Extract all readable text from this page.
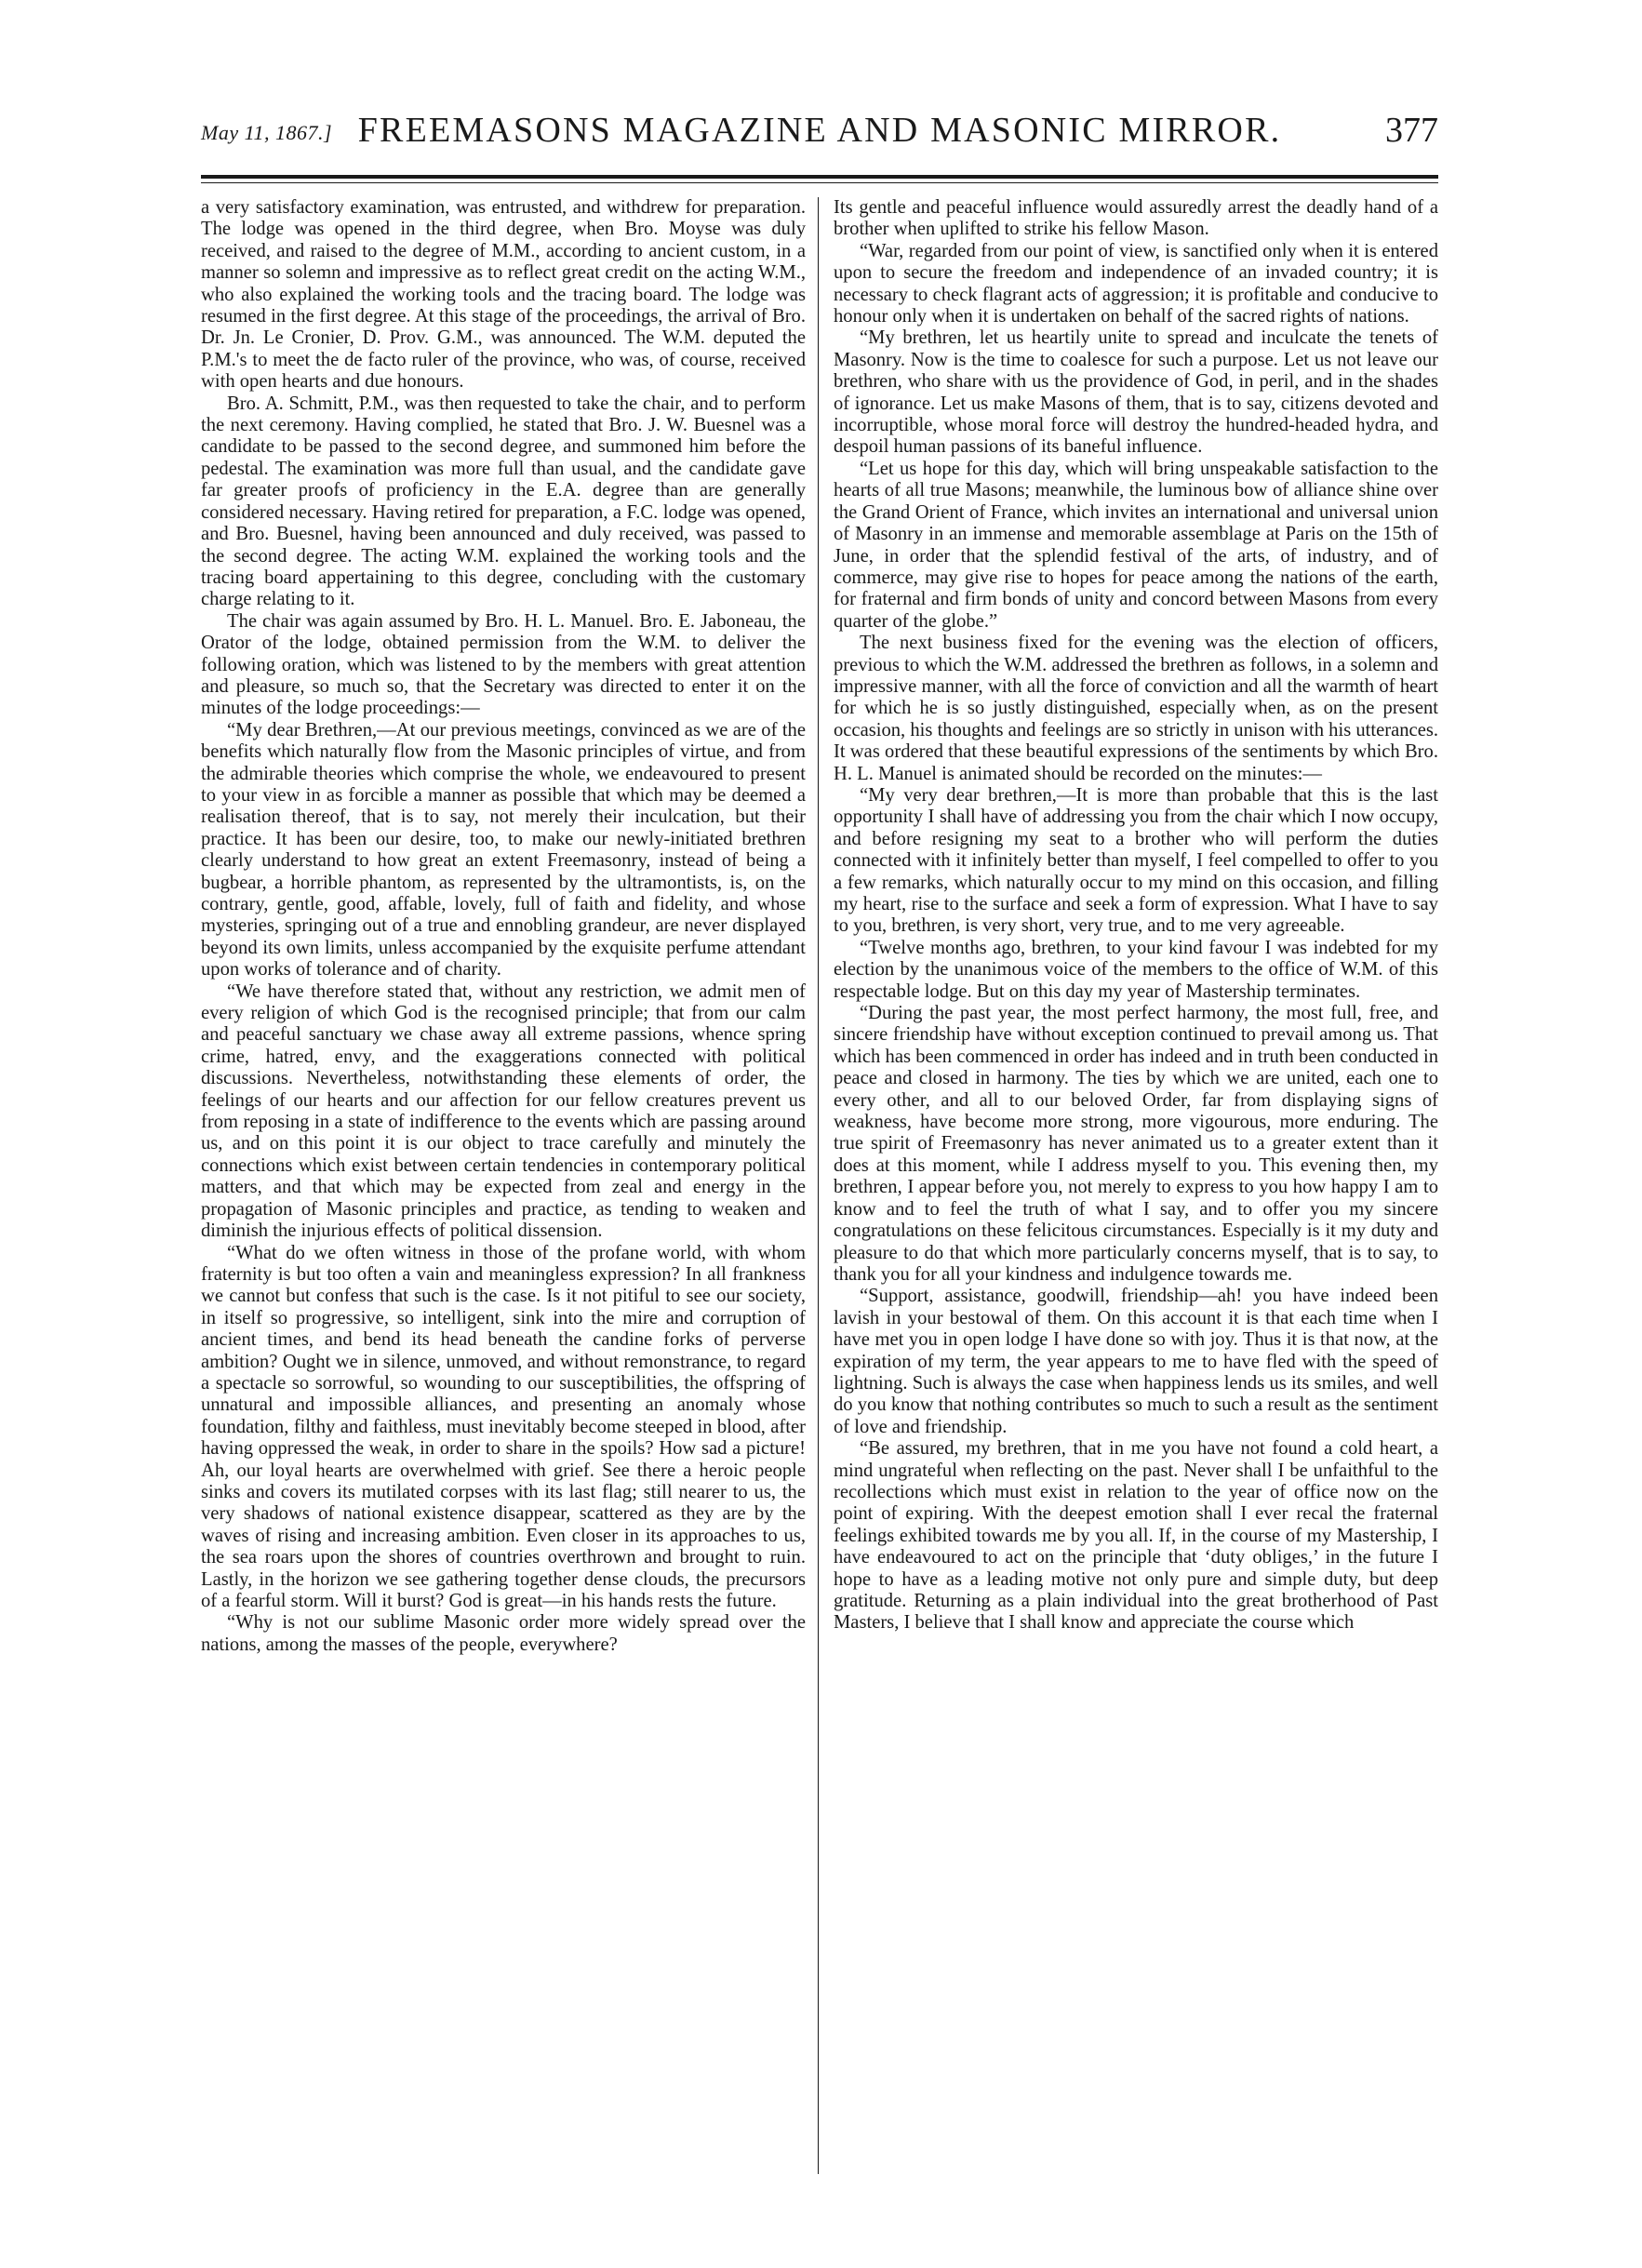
May 11, 1867.] FREEMASONS MAGAZINE AND MASONIC MIRROR.	377

a very satisfactory examination, was entrusted, and withdrew for preparation. The lodge was opened in the third degree, when Bro. Moyse was duly received, and raised to the degree of M.M., according to ancient custom, in a manner so solemn and impressive as to reflect great credit on the acting W.M., who also explained the working tools and the tracing board. The lodge was resumed in the first degree. At this stage of the proceedings, the arrival of Bro. Dr. Jn. Le Cronier, D. Prov. G.M., was announced. The W.M. deputed the P.M.'s to meet the de facto ruler of the province, who was, of course, received with open hearts and due honours.

Bro. A. Schmitt, P.M., was then requested to take the chair, and to perform the next ceremony. Having complied, he stated that Bro. J. W. Buesnel was a candidate to be passed to the second degree, and summoned him before the pedestal. The examination was more full than usual, and the candidate gave far greater proofs of proficiency in the E.A. degree than are generally considered necessary. Having retired for preparation, a F.C. lodge was opened, and Bro. Buesnel, having been announced and duly received, was passed to the second degree. The acting W.M. explained the working tools and the tracing board appertaining to this degree, concluding with the customary charge relating to it.

The chair was again assumed by Bro. H. L. Manuel. Bro. E. Jaboneau, the Orator of the lodge, obtained permission from the W.M. to deliver the following oration, which was listened to by the members with great attention and pleasure, so much so, that the Secretary was directed to enter it on the minutes of the lodge proceedings:—

“My dear Brethren,—At our previous meetings, convinced as we are of the benefits which naturally flow from the Masonic principles of virtue, and from the admirable theories which comprise the whole, we endeavoured to present to your view in as forcible a manner as possible that which may be deemed a realisation thereof, that is to say, not merely their inculcation, but their practice. It has been our desire, too, to make our newly-initiated brethren clearly understand to how great an extent Freemasonry, instead of being a bugbear, a horrible phantom, as represented by the ultramontists, is, on the contrary, gentle, good, affable, lovely, full of faith and fidelity, and whose mysteries, springing out of a true and ennobling grandeur, are never displayed beyond its own limits, unless accompanied by the exquisite perfume attendant upon works of tolerance and of charity.

“We have therefore stated that, without any restriction, we admit men of every religion of which God is the recognised principle; that from our calm and peaceful sanctuary we chase away all extreme passions, whence spring crime, hatred, envy, and the exaggerations connected with political discussions. Nevertheless, notwithstanding these elements of order, the feelings of our hearts and our affection for our fellow creatures prevent us from reposing in a state of indifference to the events which are passing around us, and on this point it is our object to trace carefully and minutely the connections which exist between certain tendencies in contemporary political matters, and that which may be expected from zeal and energy in the propagation of Masonic principles and practice, as tending to weaken and diminish the injurious effects of political dissension.

“What do we often witness in those of the profane world, with whom fraternity is but too often a vain and meaningless expression? In all frankness we cannot but confess that such is the case. Is it not pitiful to see our society, in itself so progressive, so intelligent, sink into the mire and corruption of ancient times, and bend its head beneath the candine forks of perverse ambition? Ought we in silence, unmoved, and without remonstrance, to regard a spectacle so sorrowful, so wounding to our susceptibilities, the offspring of unnatural and impossible alliances, and presenting an anomaly whose foundation, filthy and faithless, must inevitably become steeped in blood, after having oppressed the weak, in order to share in the spoils? How sad a picture! Ah, our loyal hearts are overwhelmed with grief. See there a heroic people sinks and covers its mutilated corpses with its last flag; still nearer to us, the very shadows of national existence disappear, scattered as they are by the waves of rising and increasing ambition. Even closer in its approaches to us, the sea roars upon the shores of countries overthrown and brought to ruin. Lastly, in the horizon we see gathering together dense clouds, the precursors of a fearful storm. Will it burst? God is great—in his hands rests the future.

“Why is not our sublime Masonic order more widely spread over the nations, among the masses of the people, everywhere?

Its gentle and peaceful influence would assuredly arrest the deadly hand of a brother when uplifted to strike his fellow Mason.

“War, regarded from our point of view, is sanctified only when it is entered upon to secure the freedom and independence of an invaded country; it is necessary to check flagrant acts of aggression; it is profitable and conducive to honour only when it is undertaken on behalf of the sacred rights of nations.

“My brethren, let us heartily unite to spread and inculcate the tenets of Masonry. Now is the time to coalesce for such a purpose. Let us not leave our brethren, who share with us the providence of God, in peril, and in the shades of ignorance. Let us make Masons of them, that is to say, citizens devoted and incorruptible, whose moral force will destroy the hundred-headed hydra, and despoil human passions of its baneful influence.

“Let us hope for this day, which will bring unspeakable satisfaction to the hearts of all true Masons; meanwhile, the luminous bow of alliance shine over the Grand Orient of France, which invites an international and universal union of Masonry in an immense and memorable assemblage at Paris on the 15th of June, in order that the splendid festival of the arts, of industry, and of commerce, may give rise to hopes for peace among the nations of the earth, for fraternal and firm bonds of unity and concord between Masons from every quarter of the globe.”

The next business fixed for the evening was the election of officers, previous to which the W.M. addressed the brethren as follows, in a solemn and impressive manner, with all the force of conviction and all the warmth of heart for which he is so justly distinguished, especially when, as on the present occasion, his thoughts and feelings are so strictly in unison with his utterances. It was ordered that these beautiful expressions of the sentiments by which Bro. H. L. Manuel is animated should be recorded on the minutes:—

“My very dear brethren,—It is more than probable that this is the last opportunity I shall have of addressing you from the chair which I now occupy, and before resigning my seat to a brother who will perform the duties connected with it infinitely better than myself, I feel compelled to offer to you a few remarks, which naturally occur to my mind on this occasion, and filling my heart, rise to the surface and seek a form of expression. What I have to say to you, brethren, is very short, very true, and to me very agreeable.

“Twelve months ago, brethren, to your kind favour I was indebted for my election by the unanimous voice of the members to the office of W.M. of this respectable lodge. But on this day my year of Mastership terminates.

“During the past year, the most perfect harmony, the most full, free, and sincere friendship have without exception continued to prevail among us. That which has been commenced in order has indeed and in truth been conducted in peace and closed in harmony. The ties by which we are united, each one to every other, and all to our beloved Order, far from displaying signs of weakness, have become more strong, more vigourous, more enduring. The true spirit of Freemasonry has never animated us to a greater extent than it does at this moment, while I address myself to you. This evening then, my brethren, I appear before you, not merely to express to you how happy I am to know and to feel the truth of what I say, and to offer you my sincere congratulations on these felicitous circumstances. Especially is it my duty and pleasure to do that which more particularly concerns myself, that is to say, to thank you for all your kindness and indulgence towards me.

“Support, assistance, goodwill, friendship—ah! you have indeed been lavish in your bestowal of them. On this account it is that each time when I have met you in open lodge I have done so with joy. Thus it is that now, at the expiration of my term, the year appears to me to have fled with the speed of lightning. Such is always the case when happiness lends us its smiles, and well do you know that nothing contributes so much to such a result as the sentiment of love and friendship.

“Be assured, my brethren, that in me you have not found a cold heart, a mind ungrateful when reflecting on the past. Never shall I be unfaithful to the recollections which must exist in relation to the year of office now on the point of expiring. With the deepest emotion shall I ever recal the fraternal feelings exhibited towards me by you all. If, in the course of my Mastership, I have endeavoured to act on the principle that ‘duty obliges,’ in the future I hope to have as a leading motive not only pure and simple duty, but deep gratitude. Returning as a plain individual into the great brotherhood of Past Masters, I believe that I shall know and appreciate the course which
